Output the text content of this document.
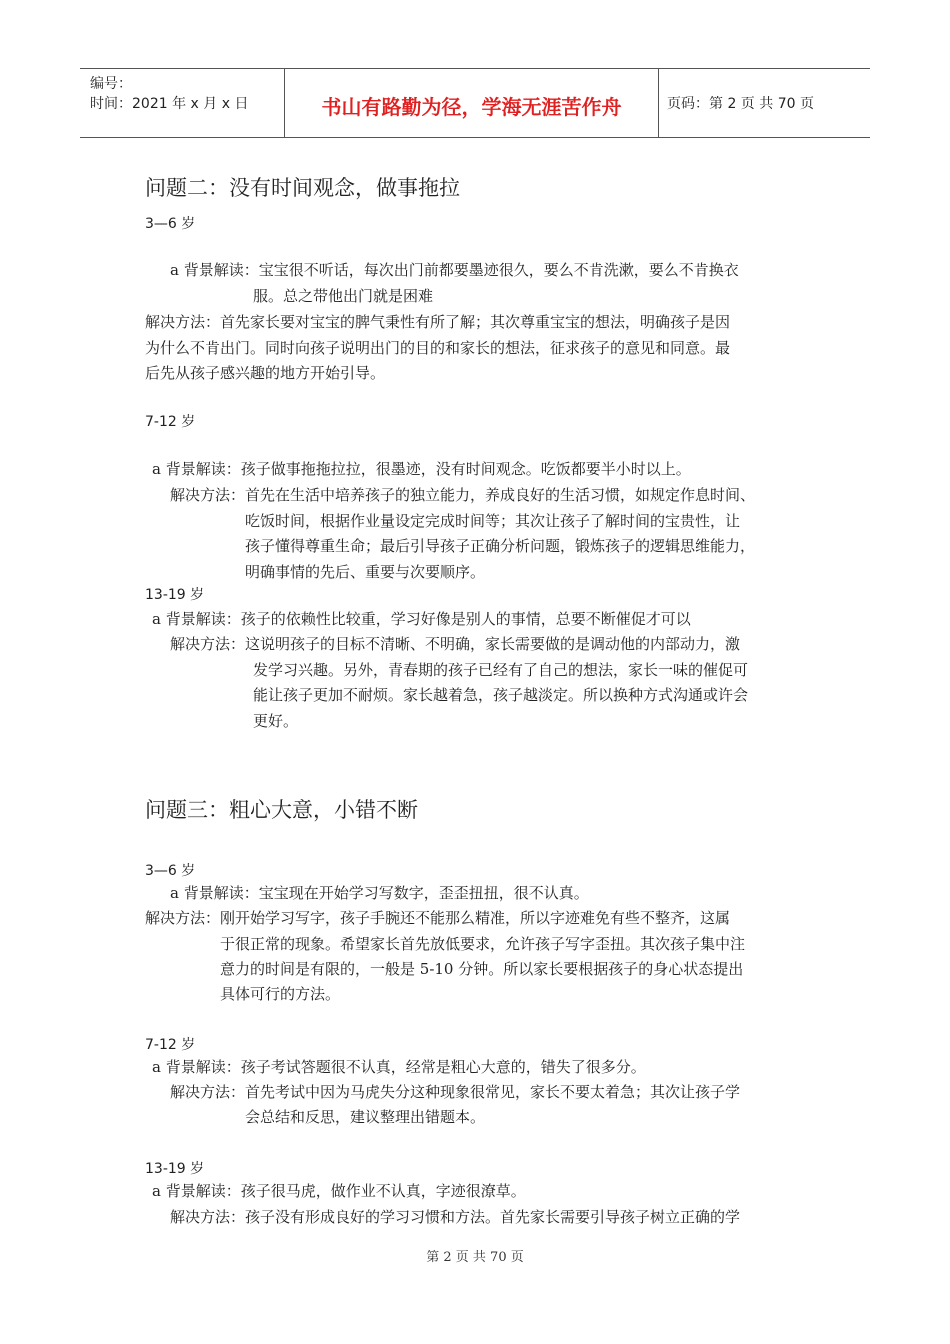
编号：
时间：2021 年 x 月 x 日	书山有路勤为径，学海无涯苦作舟	页码：第 2 页 共 70 页
问题二：没有时间观念，做事拖拉
3—6 岁
a 背景解读：宝宝很不听话，每次出门前都要墨迹很久，要么不肯洗漱，要么不肯换衣
服。总之带他出门就是困难
解决方法：首先家长要对宝宝的脾气秉性有所了解；其次尊重宝宝的想法，明确孩子是因
为什么不肯出门。同时向孩子说明出门的目的和家长的想法，征求孩子的意见和同意。最
后先从孩子感兴趣的地方开始引导。
7-12 岁
a 背景解读：孩子做事拖拖拉拉，很墨迹，没有时间观念。吃饭都要半小时以上。
解决方法：首先在生活中培养孩子的独立能力，养成良好的生活习惯，如规定作息时间、
吃饭时间，根据作业量设定完成时间等；其次让孩子了解时间的宝贵性，让
孩子懂得尊重生命；最后引导孩子正确分析问题，锻炼孩子的逻辑思维能力，
明确事情的先后、重要与次要顺序。
13-19 岁
a 背景解读：孩子的依赖性比较重，学习好像是别人的事情，总要不断催促才可以
解决方法：这说明孩子的目标不清晰、不明确，家长需要做的是调动他的内部动力，激
发学习兴趣。另外，青春期的孩子已经有了自己的想法，家长一味的催促可
能让孩子更加不耐烦。家长越着急，孩子越淡定。所以换种方式沟通或许会
更好。
问题三：粗心大意，小错不断
3—6 岁
a 背景解读：宝宝现在开始学习写数字，歪歪扭扭，很不认真。
解决方法：刚开始学习写字，孩子手腕还不能那么精准，所以字迹难免有些不整齐，这属
于很正常的现象。希望家长首先放低要求，允许孩子写字歪扭。其次孩子集中注
意力的时间是有限的，一般是 5-10 分钟。所以家长要根据孩子的身心状态提出
具体可行的方法。
7-12 岁
a 背景解读：孩子考试答题很不认真，经常是粗心大意的，错失了很多分。
解决方法：首先考试中因为马虎失分这种现象很常见，家长不要太着急；其次让孩子学
会总结和反思，建议整理出错题本。
13-19 岁
a 背景解读：孩子很马虎，做作业不认真，字迹很潦草。
解决方法：孩子没有形成良好的学习习惯和方法。首先家长需要引导孩子树立正确的学
第 2 页 共 70 页
